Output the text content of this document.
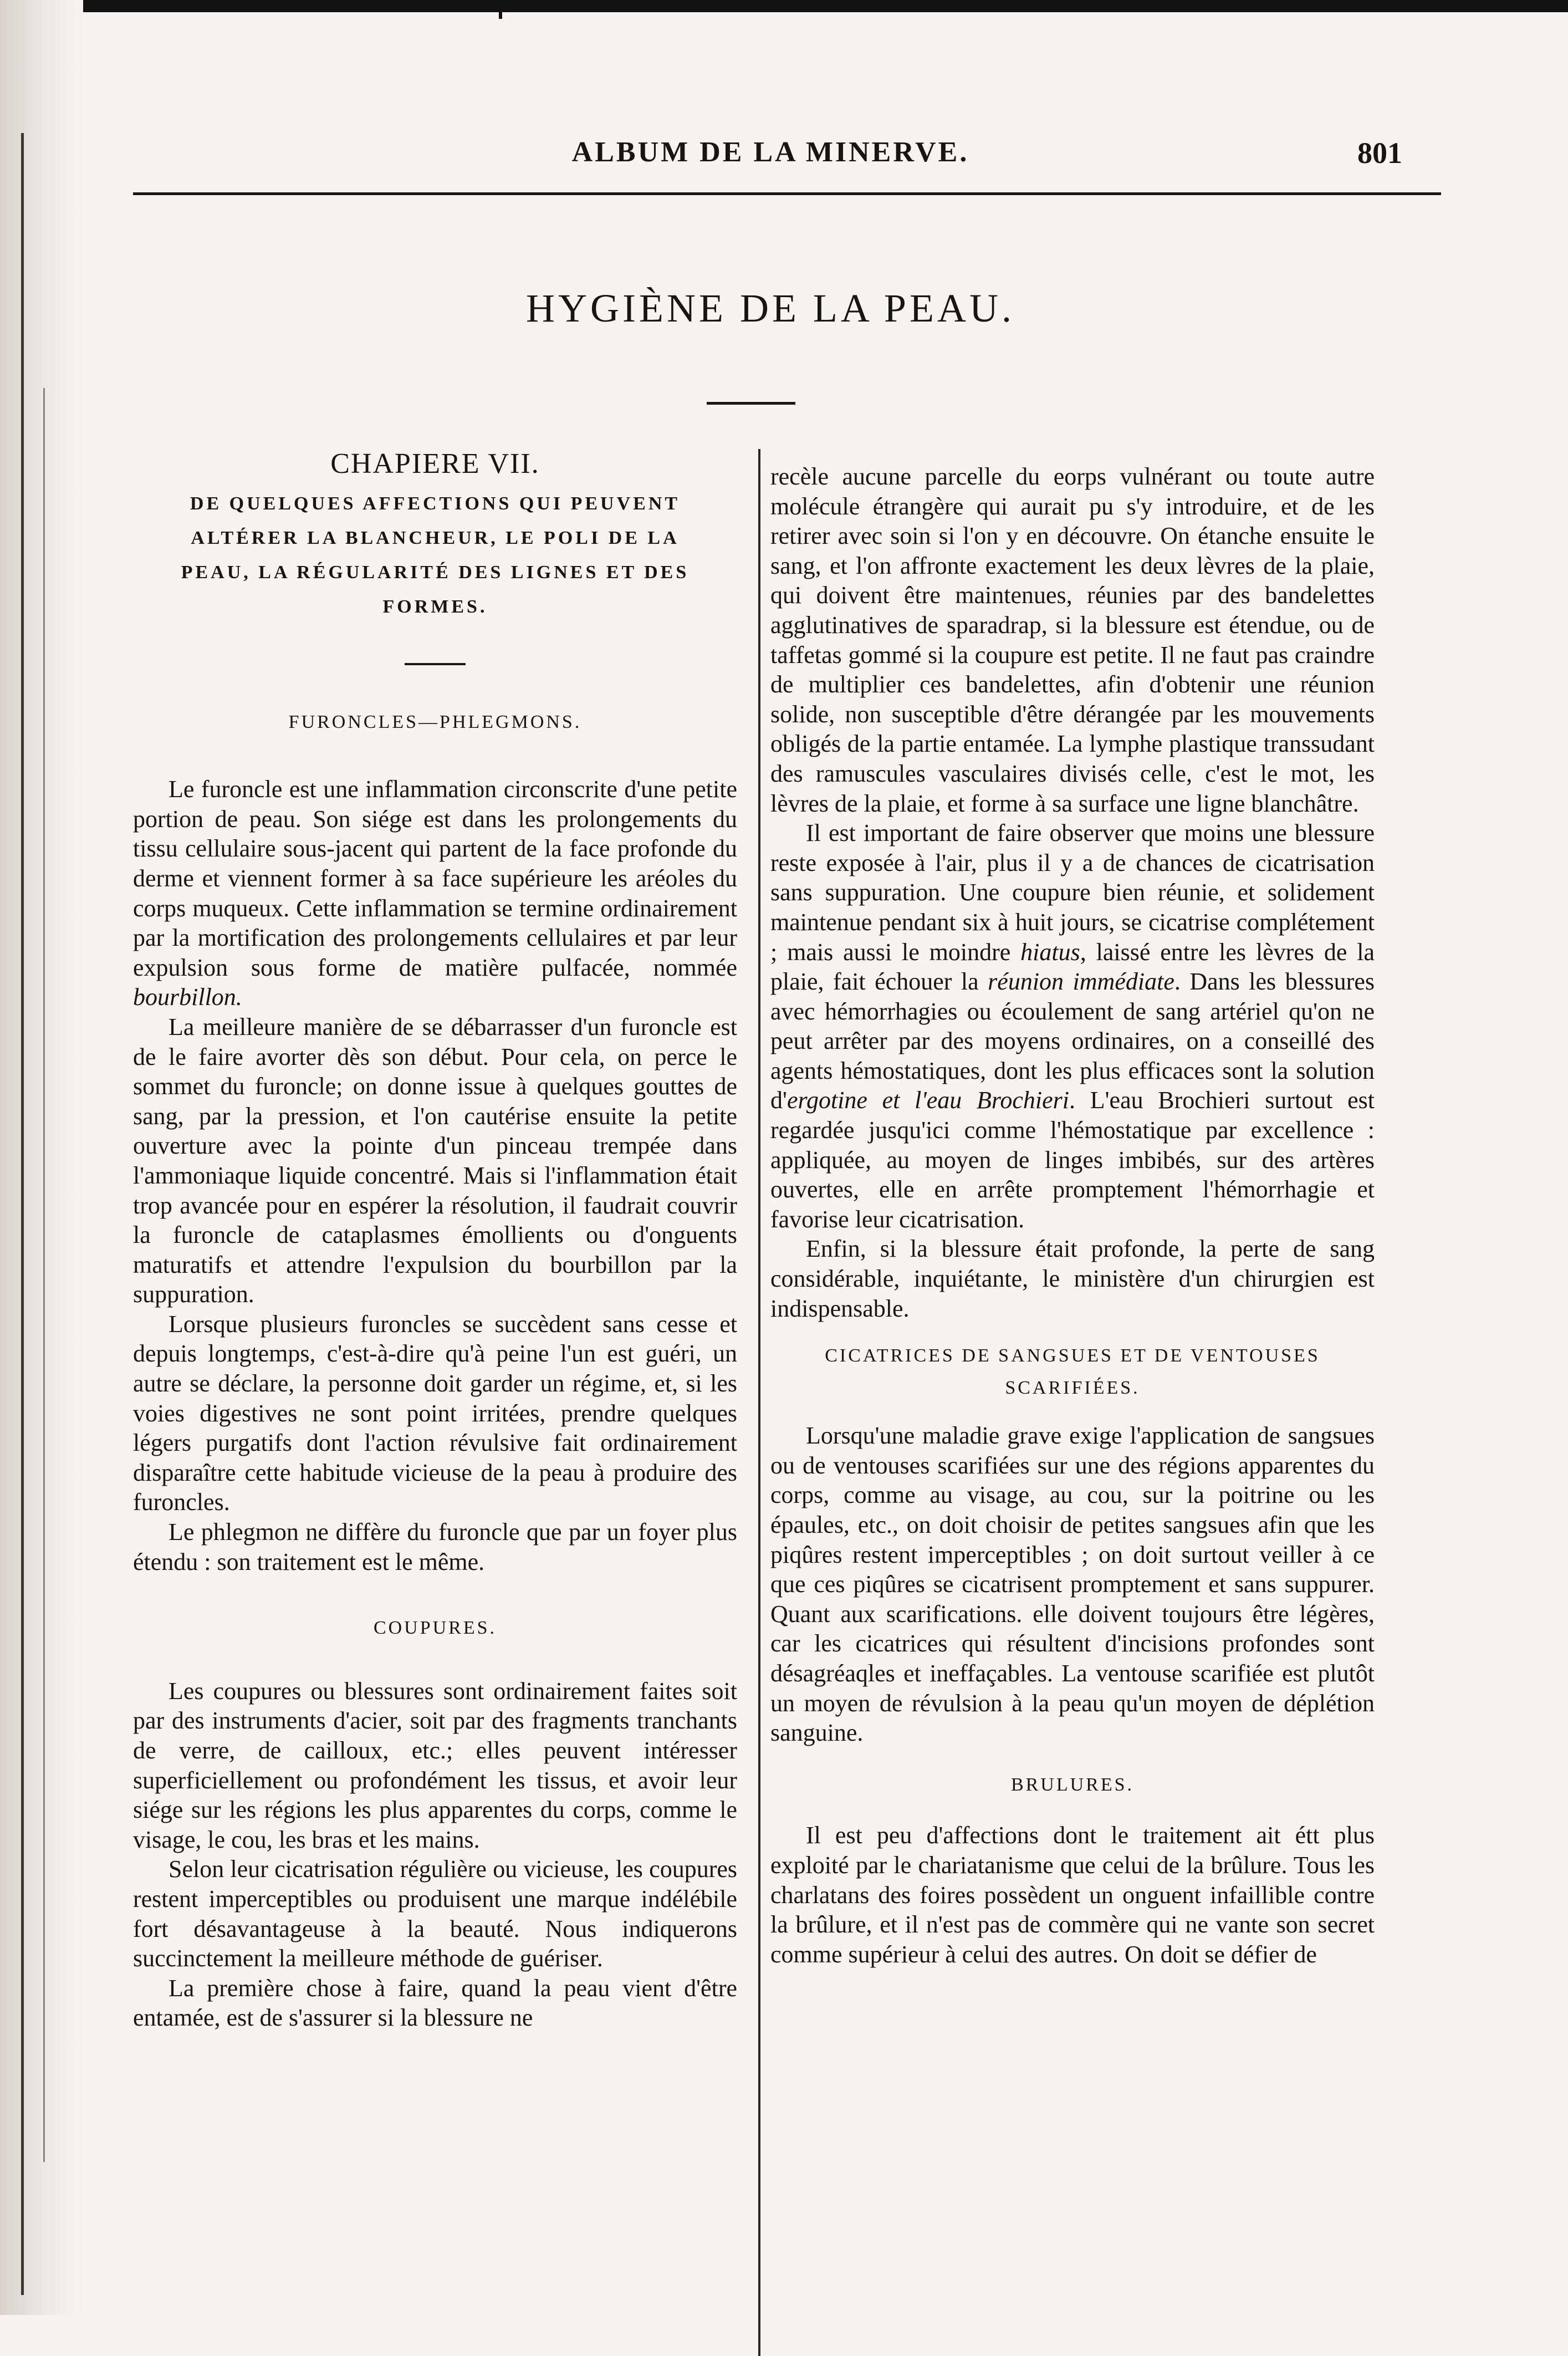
ALBUM DE LA MINERVE.	801
HYGIÈNE DE LA PEAU.
CHAPIERE VII.
DE QUELQUES AFFECTIONS QUI PEUVENT ALTÉRER LA BLANCHEUR, LE POLI DE LA PEAU, LA RÉGULARITÉ DES LIGNES ET DES FORMES.
FURONCLES—PHLEGMONS.

Le furoncle est une inflammation circonscrite d'une petite portion de peau. Son siége est dans les prolongements du tissu cellulaire sous-jacent qui partent de la face profonde du derme et viennent former à sa face supérieure les aréoles du corps muqueux. Cette inflammation se termine ordinairement par la mortification des prolongements cellulaires et par leur expulsion sous forme de matière pulfacée, nommée bourbillon.

La meilleure manière de se débarrasser d'un furoncle est de le faire avorter dès son début. Pour cela, on perce le sommet du furoncle; on donne issue à quelques gouttes de sang, par la pression, et l'on cautérise ensuite la petite ouverture avec la pointe d'un pinceau trempée dans l'ammoniaque liquide concentré. Mais si l'inflammation était trop avancée pour en espérer la résolution, il faudrait couvrir la furoncle de cataplasmes émollients ou d'onguents maturatifs et attendre l'expulsion du bourbillon par la suppuration.

Lorsque plusieurs furoncles se succèdent sans cesse et depuis longtemps, c'est-à-dire qu'à peine l'un est guéri, un autre se déclare, la personne doit garder un régime, et, si les voies digestives ne sont point irritées, prendre quelques légers purgatifs dont l'action révulsive fait ordinairement disparaître cette habitude vicieuse de la peau à produire des furoncles.

Le phlegmon ne diffère du furoncle que par un foyer plus étendu : son traitement est le même.

COUPURES.

Les coupures ou blessures sont ordinairement faites soit par des instruments d'acier, soit par des fragments tranchants de verre, de cailloux, etc.; elles peuvent intéresser superficiellement ou profondément les tissus, et avoir leur siége sur les régions les plus apparentes du corps, comme le visage, le cou, les bras et les mains.

Selon leur cicatrisation régulière ou vicieuse, les coupures restent imperceptibles ou produisent une marque indélébile fort désavantageuse à la beauté. Nous indiquerons succinctement la meilleure méthode de guériser.

La première chose à faire, quand la peau vient d'être entamée, est de s'assurer si la blessure ne

recèle aucune parcelle du eorps vulnérant ou toute autre molécule étrangère qui aurait pu s'y introduire, et de les retirer avec soin si l'on y en découvre. On étanche ensuite le sang, et l'on affronte exactement les deux lèvres de la plaie, qui doivent être maintenues, réunies par des bandelettes agglutinatives de sparadrap, si la blessure est étendue, ou de taffetas gommé si la coupure est petite. Il ne faut pas craindre de multiplier ces bandelettes, afin d'obtenir une réunion solide, non susceptible d'être dérangée par les mouvements obligés de la partie entamée. La lymphe plastique transsudant des ramuscules vasculaires divisés celle, c'est le mot, les lèvres de la plaie, et forme à sa surface une ligne blanchâtre.

Il est important de faire observer que moins une blessure reste exposée à l'air, plus il y a de chances de cicatrisation sans suppuration. Une coupure bien réunie, et solidement maintenue pendant six à huit jours, se cicatrise complétement ; mais aussi le moindre hiatus, laissé entre les lèvres de la plaie, fait échouer la réunion immédiate. Dans les blessures avec hémorrhagies ou écoulement de sang artériel qu'on ne peut arrêter par des moyens ordinaires, on a conseillé des agents hémostatiques, dont les plus efficaces sont la solution d'ergotine et l'eau Brochieri. L'eau Brochieri surtout est regardée jusqu'ici comme l'hémostatique par excellence : appliquée, au moyen de linges imbibés, sur des artères ouvertes, elle en arrête promptement l'hémorrhagie et favorise leur cicatrisation.

Enfin, si la blessure était profonde, la perte de sang considérable, inquiétante, le ministère d'un chirurgien est indispensable.

CICATRICES DE SANGSUES ET DE VENTOUSES SCARIFIÉES.

Lorsqu'une maladie grave exige l'application de sangsues ou de ventouses scarifiées sur une des régions apparentes du corps, comme au visage, au cou, sur la poitrine ou les épaules, etc., on doit choisir de petites sangsues afin que les piqûres restent imperceptibles ; on doit surtout veiller à ce que ces piqûres se cicatrisent promptement et sans suppurer. Quant aux scarifications. elle doivent toujours être légères, car les cicatrices qui résultent d'incisions profondes sont désagréaqles et ineffaçables. La ventouse scarifiée est plutôt un moyen de révulsion à la peau qu'un moyen de déplétion sanguine.

BRULURES.

Il est peu d'affections dont le traitement ait étt plus exploité par le chariatanisme que celui de la brûlure. Tous les charlatans des foires possèdent un onguent infaillible contre la brûlure, et il n'est pas de commère qui ne vante son secret comme supérieur à celui des autres. On doit se défier de
